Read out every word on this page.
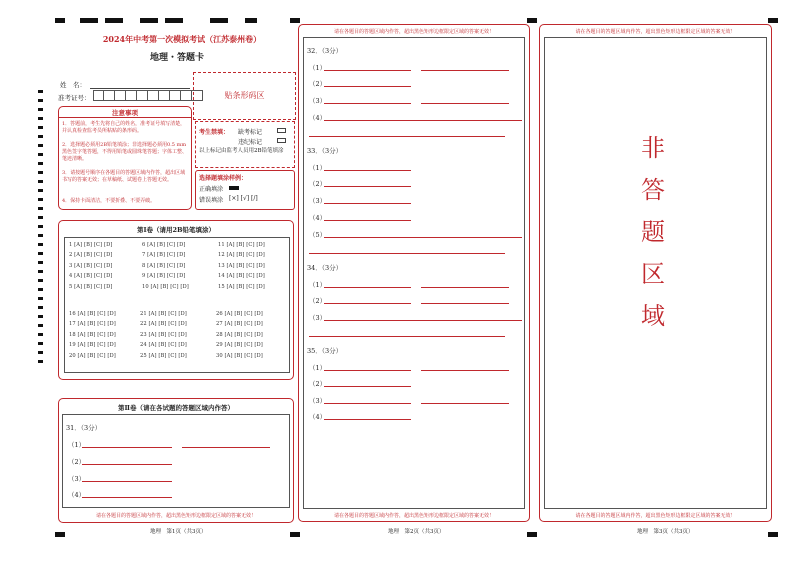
2024年中考第一次模拟考试（江苏泰州卷）
地理・答题卡
姓　名：
准考证号：	贴条形码区
注意事项
1．答题前，考生先将自己的姓名，准考证号填写清楚，并认真检查监考员所粘贴的条形码。
2．选择题必须用2B铅笔填涂；非选择题必须用0.5 mm黑色签字笔答题，不得用铅笔或圆珠笔答题；字体工整、笔迹清晰。
3．请按题号顺序在各题目的答题区域内作答，超出区域书写的答案无效；在草稿纸、试题卷上答题无效。
4．保持卡面清洁，不要折叠、不要弄破。
考生禁填： 缺考标记
违纪标记
以上标记由监考人员用2B铅笔填涂
选择题填涂样例：
正确填涂
错误填涂 [×] [√] [/]
第Ⅰ卷（请用2B铅笔填涂）
1 [A] [B] [C] [D]
2 [A] [B] [C] [D]
3 [A] [B] [C] [D]
4 [A] [B] [C] [D]
5 [A] [B] [C] [D]
6 [A] [B] [C] [D]
7 [A] [B] [C] [D]
8 [A] [B] [C] [D]
9 [A] [B] [C] [D]
10 [A] [B] [C] [D]
11 [A] [B] [C] [D]
12 [A] [B] [C] [D]
13 [A] [B] [C] [D]
14 [A] [B] [C] [D]
15 [A] [B] [C] [D]
16 [A] [B] [C] [D]
17 [A] [B] [C] [D]
18 [A] [B] [C] [D]
19 [A] [B] [C] [D]
20 [A] [B] [C] [D]
21 [A] [B] [C] [D]
22 [A] [B] [C] [D]
23 [A] [B] [C] [D]
24 [A] [B] [C] [D]
25 [A] [B] [C] [D]
26 [A] [B] [C] [D]
27 [A] [B] [C] [D]
28 [A] [B] [C] [D]
29 [A] [B] [C] [D]
30 [A] [B] [C] [D]
第Ⅱ卷（请在各试题的答题区域内作答）
31．（3分）
（1）
（2）
（3）
（4）
请在各题目的答题区域内作答，超出黑色矩形边框限定区域的答案无效！
地理　第1页（共3页）
请在各题目的答题区域内作答，超出黑色矩形边框限定区域的答案无效！
32．（3分）
（1）
（2）
（3）
（4）
33．（3分）
（1）
（2）
（3）
（4）
（5）
34．（3分）
（1）
（2）
（3）
35．（3分）
（1）
（2）
（3）
（4）
请在各题目的答题区域内作答，超出黑色矩形边框限定区域的答案无效！
地理　第2页（共3页）
请在各题目的答题区域内作答，超出黑色矩形边框限定区域的答案无效！
非
答
题
区
域
请在各题目的答题区域内作答，超出黑色矩形边框限定区域的答案无效！
地理　第3页（共3页）
